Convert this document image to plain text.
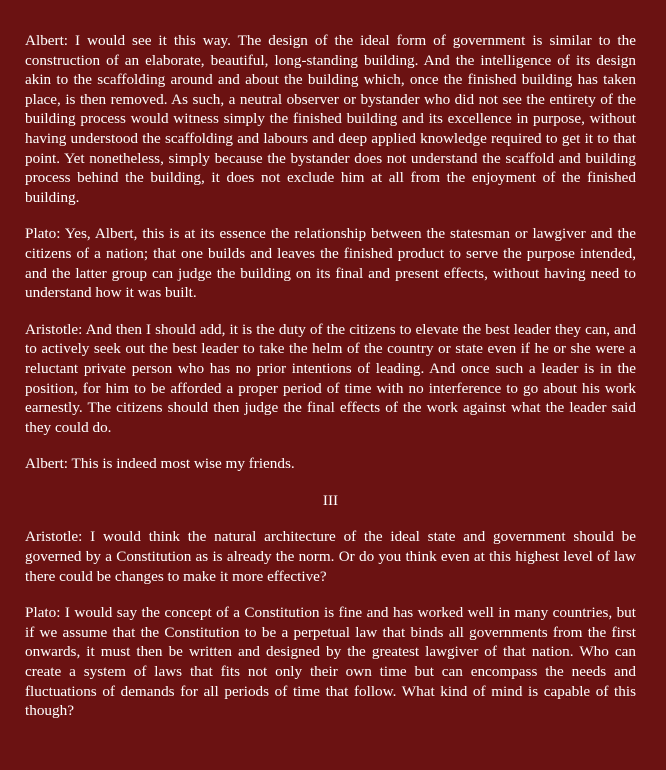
Albert: I would see it this way. The design of the ideal form of government is similar to the construction of an elaborate, beautiful, long-standing building. And the intelligence of its design akin to the scaffolding around and about the building which, once the finished building has taken place, is then removed. As such, a neutral observer or bystander who did not see the entirety of the building process would witness simply the finished building and its excellence in purpose, without having understood the scaffolding and labours and deep applied knowledge required to get it to that point. Yet nonetheless, simply because the bystander does not understand the scaffold and building process behind the building, it does not exclude him at all from the enjoyment of the finished building.

Plato: Yes, Albert, this is at its essence the relationship between the statesman or lawgiver and the citizens of a nation; that one builds and leaves the finished product to serve the purpose intended, and the latter group can judge the building on its final and present effects, without having need to understand how it was built.

Aristotle: And then I should add, it is the duty of the citizens to elevate the best leader they can, and to actively seek out the best leader to take the helm of the country or state even if he or she were a reluctant private person who has no prior intentions of leading. And once such a leader is in the position, for him to be afforded a proper period of time with no interference to go about his work earnestly. The citizens should then judge the final effects of the work against what the leader said they could do.

Albert: This is indeed most wise my friends.

III

Aristotle: I would think the natural architecture of the ideal state and government should be governed by a Constitution as is already the norm. Or do you think even at this highest level of law there could be changes to make it more effective?

Plato: I would say the concept of a Constitution is fine and has worked well in many countries, but if we assume that the Constitution to be a perpetual law that binds all governments from the first onwards, it must then be written and designed by the greatest lawgiver of that nation. Who can create a system of laws that fits not only their own time but can encompass the needs and fluctuations of demands for all periods of time that follow. What kind of mind is capable of this though?
